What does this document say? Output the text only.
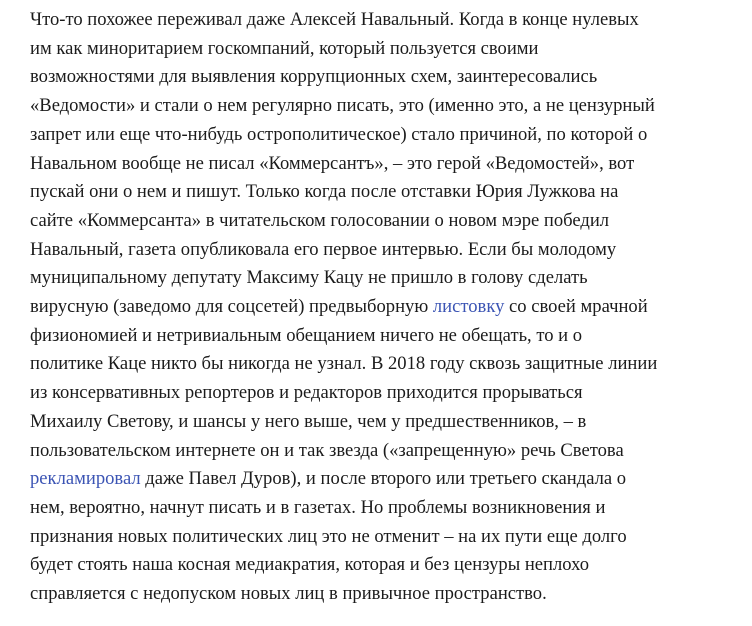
Что-то похожее переживал даже Алексей Навальный. Когда в конце нулевых
им как миноритарием госкомпаний, который пользуется своими
возможностями для выявления коррупционных схем, заинтересовались
«Ведомости» и стали о нем регулярно писать, это (именно это, а не цензурный
запрет или еще что-нибудь острополитическое) стало причиной, по которой о
Навальном вообще не писал «Коммерсантъ», – это герой «Ведомостей», вот
пускай они о нем и пишут. Только когда после отставки Юрия Лужкова на
сайте «Коммерсанта» в читательском голосовании о новом мэре победил
Навальный, газета опубликовала его первое интервью. Если бы молодому
муниципальному депутату Максиму Кацу не пришло в голову сделать
вирусную (заведомо для соцсетей) предвыборную листовку со своей мрачной
физиономией и нетривиальным обещанием ничего не обещать, то и о
политике Каце никто бы никогда не узнал. В 2018 году сквозь защитные линии
из консервативных репортеров и редакторов приходится прорываться
Михаилу Светову, и шансы у него выше, чем у предшественников, – в
пользовательском интернете он и так звезда («запрещенную» речь Светова
рекламировал даже Павел Дуров), и после второго или третьего скандала о
нем, вероятно, начнут писать и в газетах. Но проблемы возникновения и
признания новых политических лиц это не отменит – на их пути еще долго
будет стоять наша косная медиакратия, которая и без цензуры неплохо
справляется с недопуском новых лиц в привычное пространство.
